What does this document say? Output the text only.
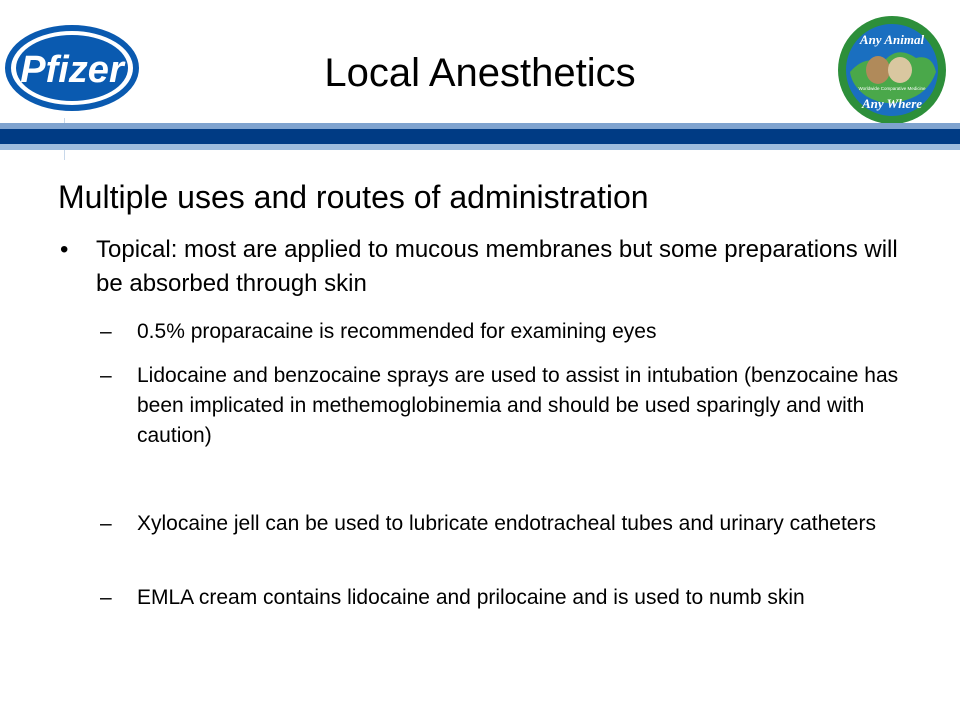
Pfizer
Any Animal
Worldwide Comparative Medicine
Any Where
Local Anesthetics
Multiple uses and routes of administration
• Topical: most are applied to mucous membranes but some preparations will be absorbed through skin
– 0.5% proparacaine is recommended for examining eyes
– Lidocaine and benzocaine sprays are used to assist in intubation (benzocaine has been implicated in methemoglobinemia and should be used sparingly and with caution)
– Xylocaine jell can be used to lubricate endotracheal tubes and urinary catheters
– EMLA cream contains lidocaine and prilocaine and is used to numb skin
